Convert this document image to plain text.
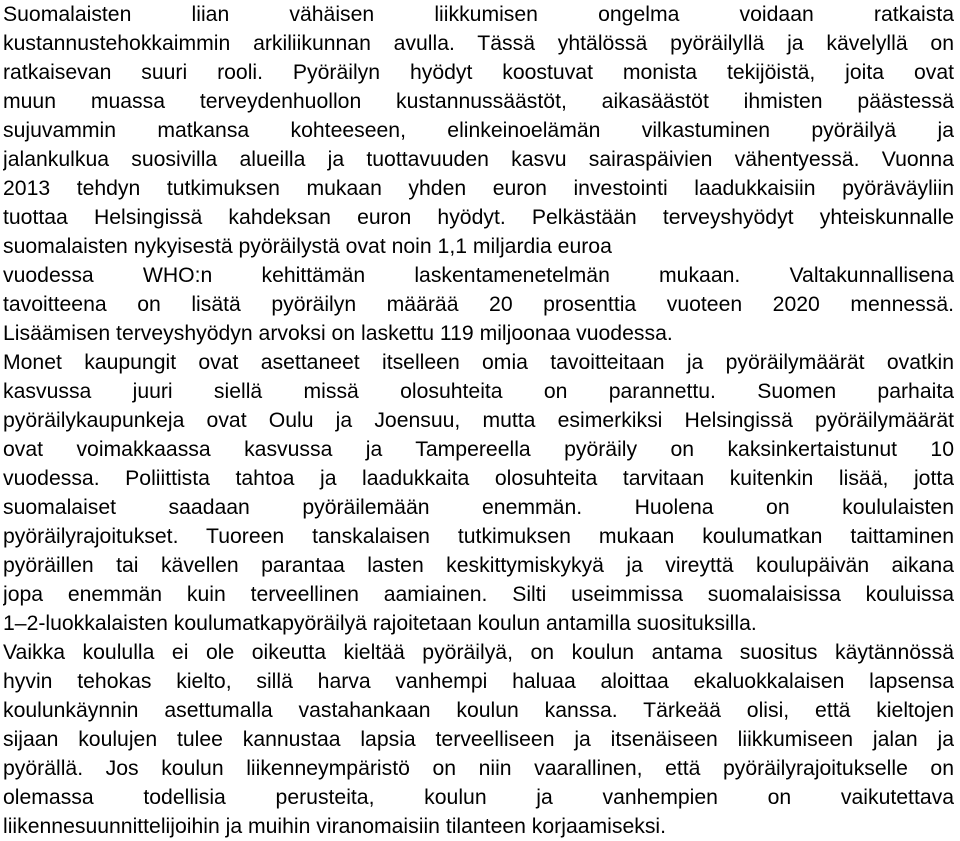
Suomalaisten liian vähäisen liikkumisen ongelma voidaan ratkaista
kustannustehokkaimmin arkiliikunnan avulla. Tässä yhtälössä pyöräilyllä ja kävelyllä on
ratkaisevan suuri rooli. Pyöräilyn hyödyt koostuvat monista tekijöistä, joita ovat
muun muassa terveydenhuollon kustannussäästöt, aikasäästöt ihmisten päästessä
sujuvammin matkansa kohteeseen, elinkeinoelämän vilkastuminen pyöräilyä ja
jalankulkua suosivilla alueilla ja tuottavuuden kasvu sairaspäivien vähentyessä. Vuonna
2013 tehdyn tutkimuksen mukaan yhden euron investointi laadukkaisiin pyöräväyliin
tuottaa Helsingissä kahdeksan euron hyödyt. Pelkästään terveyshyödyt yhteiskunnalle
suomalaisten nykyisestä pyöräilystä ovat noin 1,1 miljardia euroa
vuodessa WHO:n kehittämän laskentamenetelmän mukaan. Valtakunnallisena
tavoitteena on lisätä pyöräilyn määrää 20 prosenttia vuoteen 2020 mennessä.
Lisäämisen terveyshyödyn arvoksi on laskettu 119 miljoonaa vuodessa.
Monet kaupungit ovat asettaneet itselleen omia tavoitteitaan ja pyöräilymäärät ovatkin
kasvussa juuri siellä missä olosuhteita on parannettu. Suomen parhaita
pyöräilykaupunkeja ovat Oulu ja Joensuu, mutta esimerkiksi Helsingissä pyöräilymäärät
ovat voimakkaassa kasvussa ja Tampereella pyöräily on kaksinkertaistunut 10
vuodessa. Poliittista tahtoa ja laadukkaita olosuhteita tarvitaan kuitenkin lisää, jotta
suomalaiset saadaan pyöräilemään enemmän. Huolena on koululaisten
pyöräilyrajoitukset. Tuoreen tanskalaisen tutkimuksen mukaan koulumatkan taittaminen
pyöräillen tai kävellen parantaa lasten keskittymiskykyä ja vireyttä koulupäivän aikana
jopa enemmän kuin terveellinen aamiainen. Silti useimmissa suomalaisissa kouluissa
1–2-luokkalaisten koulumatkapyöräilyä rajoitetaan koulun antamilla suosituksilla.
Vaikka koululla ei ole oikeutta kieltää pyöräilyä, on koulun antama suositus käytännössä
hyvin tehokas kielto, sillä harva vanhempi haluaa aloittaa ekaluokkalaisen lapsensa
koulunkäynnin asettumalla vastahankaan koulun kanssa. Tärkeää olisi, että kieltojen
sijaan koulujen tulee kannustaa lapsia terveelliseen ja itsenäiseen liikkumiseen jalan ja
pyörällä. Jos koulun liikenneympäristö on niin vaarallinen, että pyöräilyrajoitukselle on
olemassa todellisia perusteita, koulun ja vanhempien on vaikutettava
liikennesuunnittelijoihin ja muihin viranomaisiin tilanteen korjaamiseksi.
